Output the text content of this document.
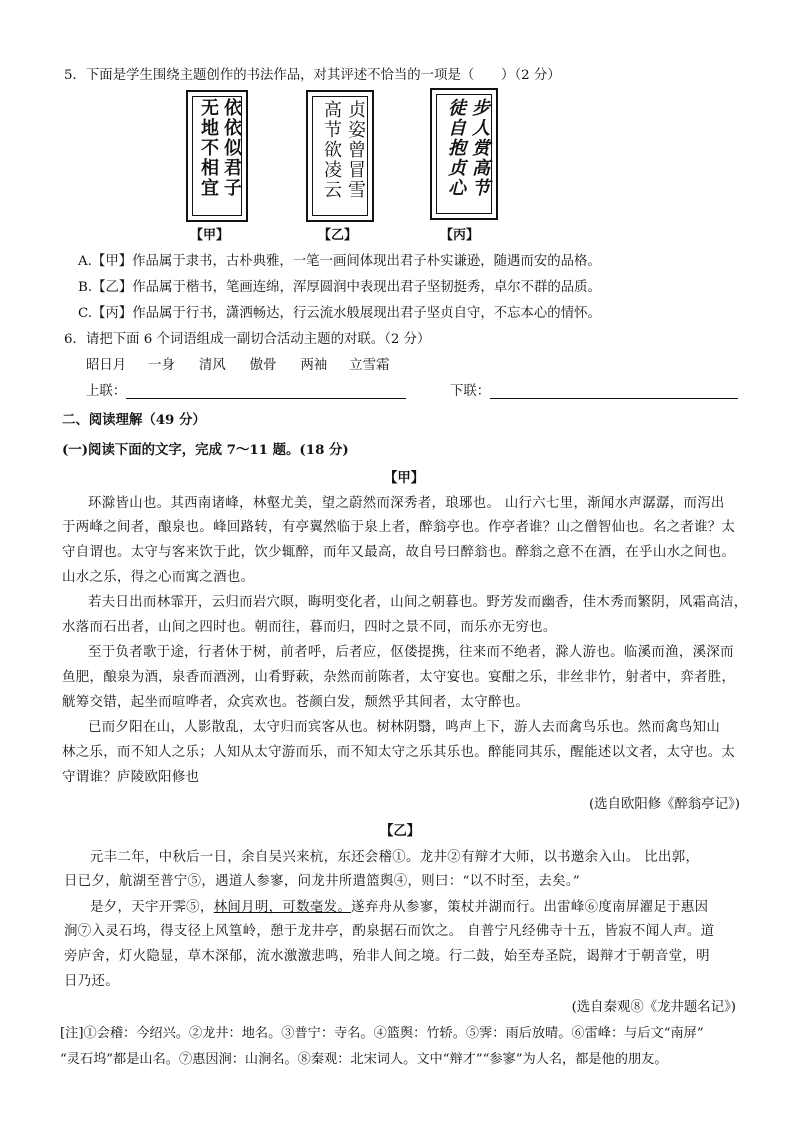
5．下面是学生围绕主题创作的书法作品，对其评述不恰当的一项是（　　）（2 分）
依依似君子
无地不相宜
【甲】
贞姿曾冒雪
高节欲凌云
【乙】
步人赏高节
徒自抱贞心
【丙】
A.【甲】作品属于隶书，古朴典雅，一笔一画间体现出君子朴实谦逊，随遇而安的品格。
B.【乙】作品属于楷书，笔画连绵，浑厚圆润中表现出君子坚韧挺秀，卓尔不群的品质。
C.【丙】作品属于行书，潇洒畅达，行云流水般展现出君子坚贞自守，不忘本心的情怀。
6．请把下面 6 个词语组成一副切合活动主题的对联。（2 分）
昭日月 一身 清风 傲骨 两袖 立雪霜
上联：	下联：
二、阅读理解（49 分）
(一)阅读下面的文字，完成 7～11 题。(18 分)
【甲】
环滁皆山也。其西南诸峰，林壑尤美，望之蔚然而深秀者，琅琊也。 山行六七里，渐闻水声潺潺，而泻出
于两峰之间者，酿泉也。峰回路转，有亭翼然临于泉上者，醉翁亭也。作亭者谁？山之僧智仙也。名之者谁？太
守自谓也。太守与客来饮于此，饮少辄醉，而年又最高，故自号曰醉翁也。醉翁之意不在酒，在乎山水之间也。
山水之乐，得之心而寓之酒也。
若夫日出而林霏开，云归而岩穴暝，晦明变化者，山间之朝暮也。野芳发而幽香，佳木秀而繁阴，风霜高洁，
水落而石出者，山间之四时也。朝而往，暮而归，四时之景不同，而乐亦无穷也。
至于负者歌于途，行者休于树，前者呼，后者应，伛偻提携，往来而不绝者，滁人游也。临溪而渔，溪深而
鱼肥，酿泉为酒，泉香而酒洌，山肴野蔌，杂然而前陈者，太守宴也。宴酣之乐，非丝非竹，射者中，弈者胜，
觥筹交错，起坐而喧哗者，众宾欢也。苍颜白发，颓然乎其间者，太守醉也。
已而夕阳在山，人影散乱，太守归而宾客从也。树林阴翳，鸣声上下，游人去而禽鸟乐也。然而禽鸟知山
林之乐，而不知人之乐；人知从太守游而乐，而不知太守之乐其乐也。醉能同其乐，醒能述以文者，太守也。太
守谓谁？庐陵欧阳修也
(选自欧阳修《醉翁亭记》)
【乙】
元丰二年，中秋后一日，余自吴兴来杭，东还会稽①。龙井②有辩才大师，以书邀余入山。 比出郭，
日已夕，航湖至普宁⑤，遇道人参寥，问龙井所遣篮舆④，则曰：“以不时至，去矣。”
是夕，天宇开霁⑤，林间月明，可数毫发。遂弃舟从参寥，策杖并湖而行。出雷峰⑥度南屏濯足于惠因
涧⑦入灵石坞，得支径上风篁岭，憩于龙井亭，酌泉据石而饮之。 自普宁凡经佛寺十五，皆寂不闻人声。道
旁庐舍，灯火隐显，草木深郁，流水激激悲鸣，殆非人间之境。行二鼓，始至寿圣院，谒辩才于朝音堂，明
日乃还。
(选自秦观⑧《龙井题名记》)
[注]①会稽：今绍兴。②龙井：地名。③普宁：寺名。④篮舆：竹轿。⑤霁：雨后放晴。⑥雷峰：与后文“南屏”
“灵石坞”都是山名。⑦惠因涧：山涧名。⑧秦观：北宋词人。文中“辩才”“参寥”为人名，都是他的朋友。
